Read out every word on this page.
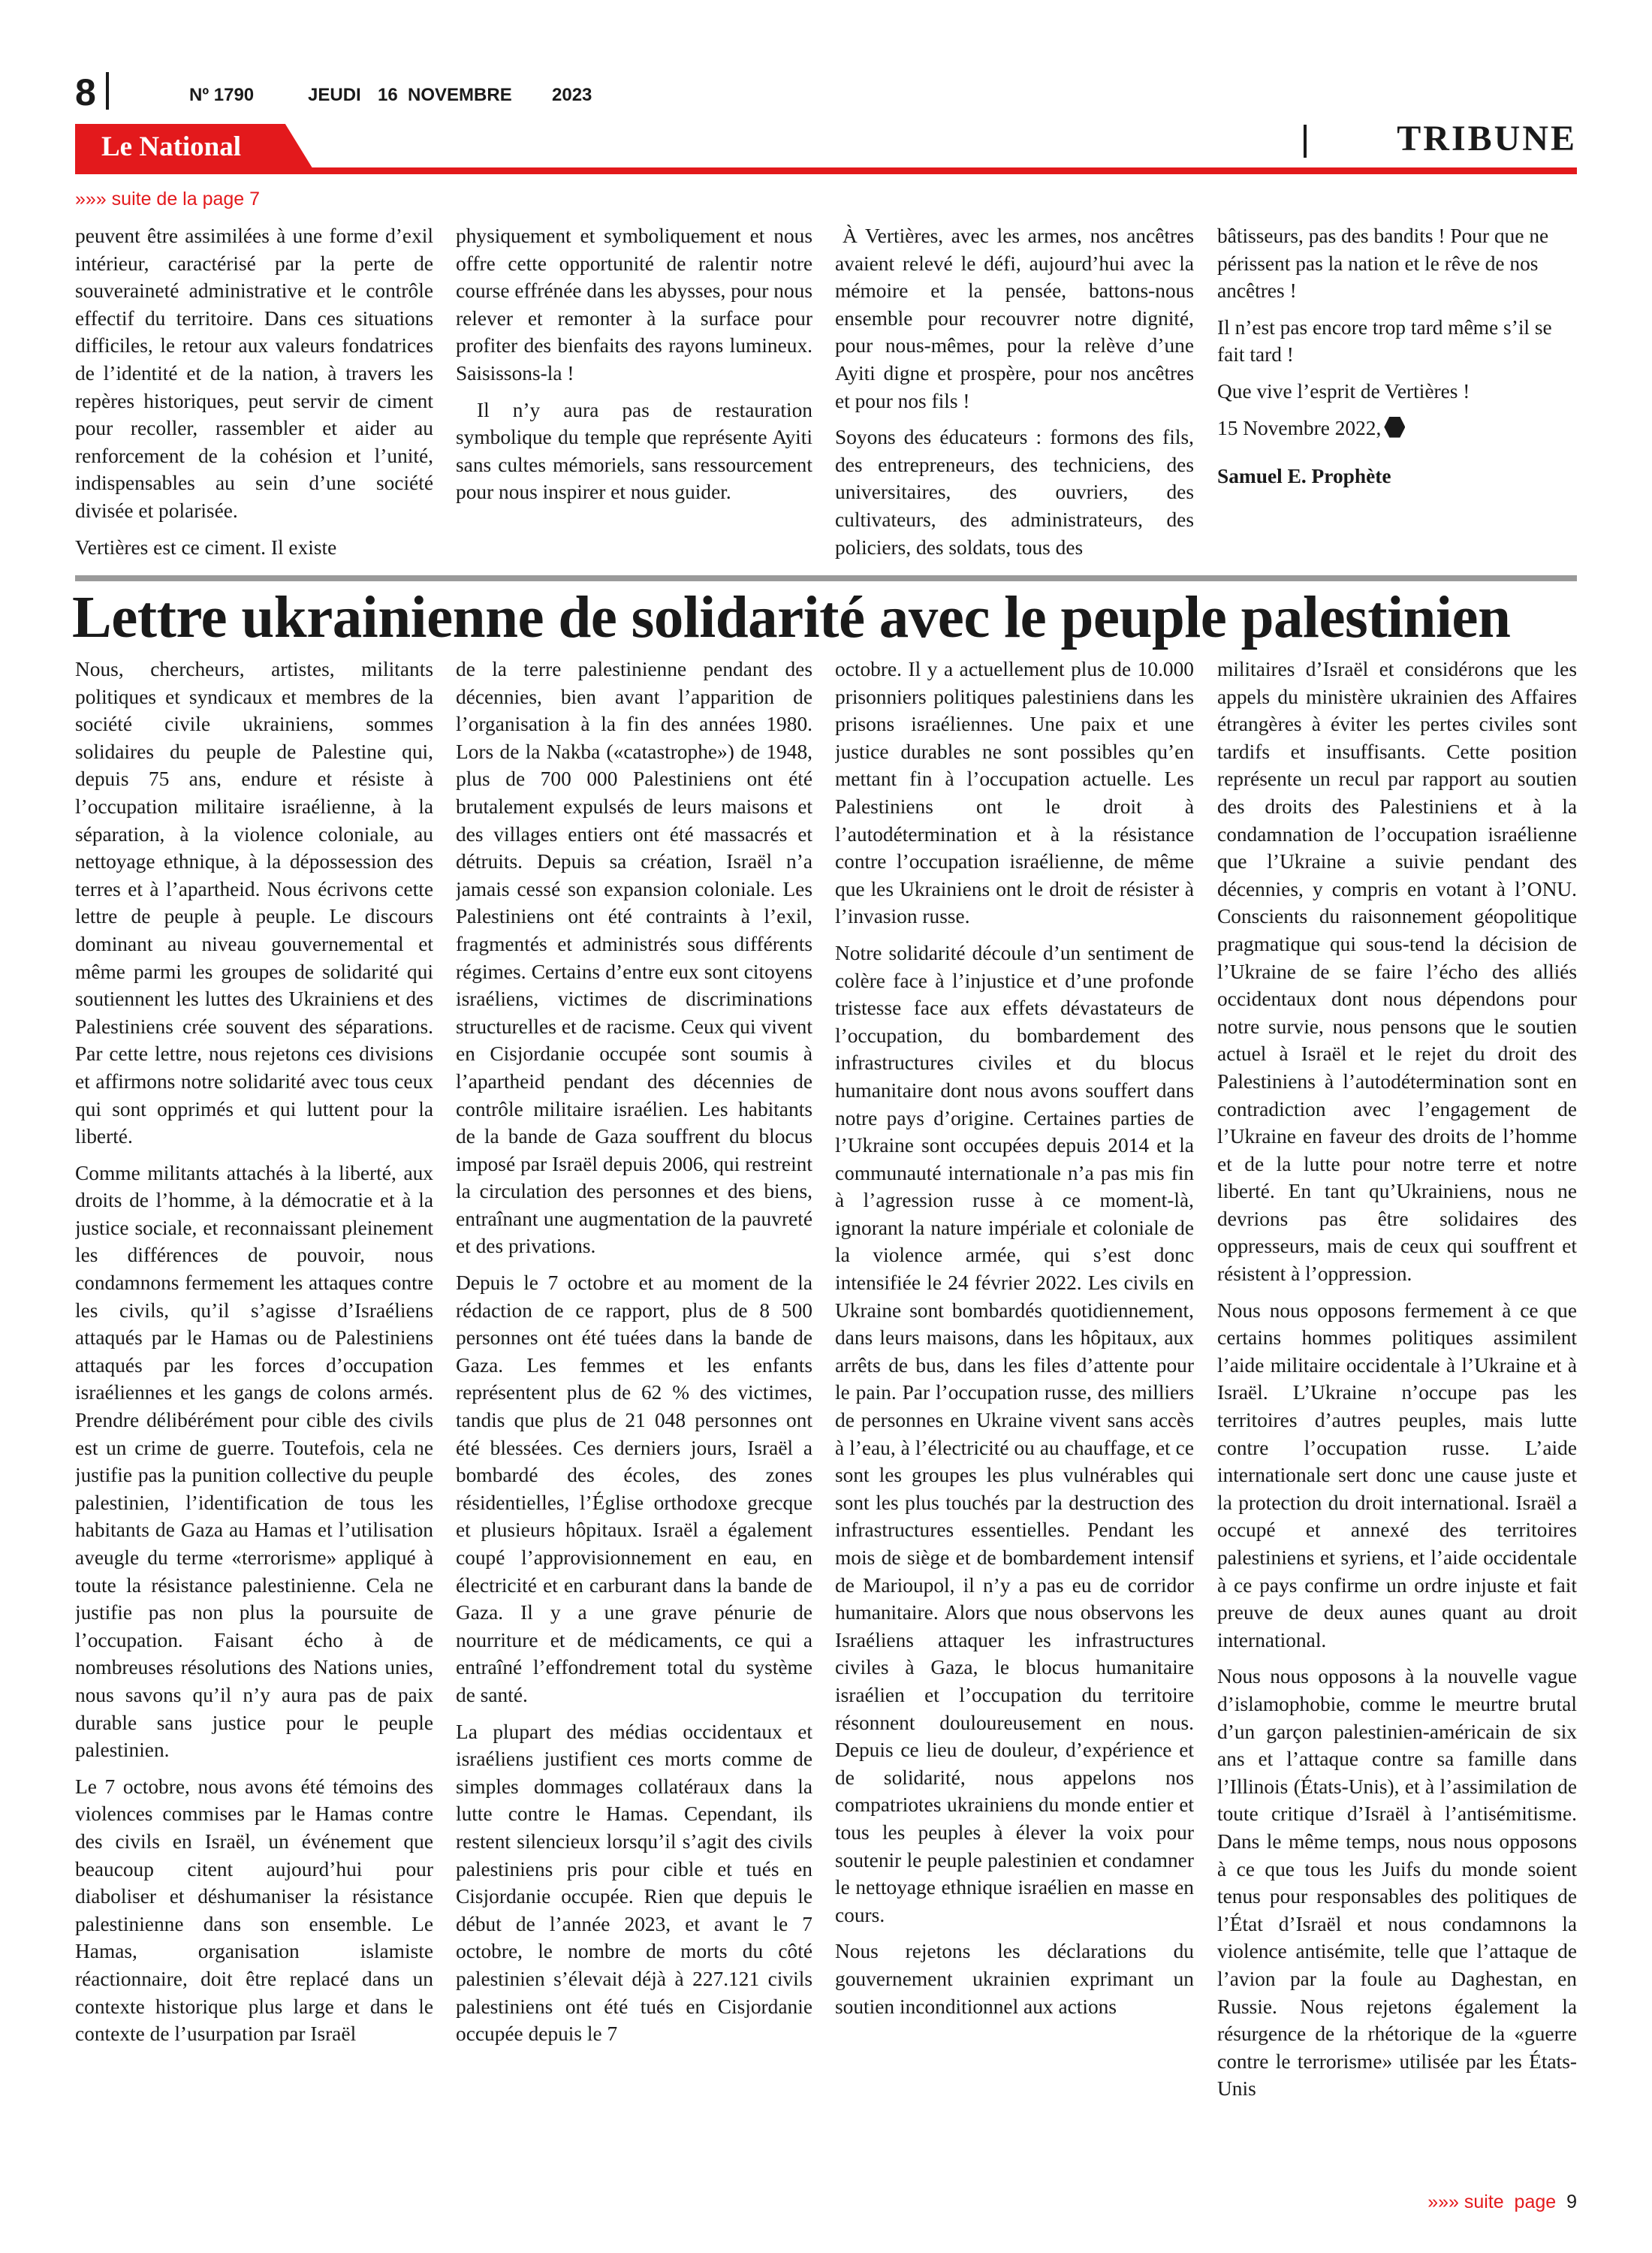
8	Nº 1790	JEUDI 16  NOVEMBRE 2023
Le National	TRIBUNE
»»» suite de la page 7

peuvent être assimilées à une forme d’exil intérieur, caractérisé par la perte de souveraineté administrative et le contrôle effectif du territoire. Dans ces situations difficiles, le retour aux valeurs fondatrices de l’identité et de la nation, à travers les repères historiques, peut servir de ciment pour recoller, rassembler et aider au renforcement de la cohésion et l’unité, indispensables au sein d’une société divisée et polarisée.

Vertières est ce ciment. Il existe

physiquement et symboliquement et nous offre cette opportunité de ralentir notre course effrénée dans les abysses, pour nous relever et remonter à la surface pour profiter des bienfaits des rayons lumineux. Saisissons-la !

Il n’y aura pas de restauration symbolique du temple que représente Ayiti sans cultes mémoriels, sans ressourcement pour nous inspirer et nous guider.

À Vertières, avec les armes, nos ancêtres avaient relevé le défi, aujourd’hui avec la mémoire et la pensée, battons-nous ensemble pour recouvrer notre dignité, pour nous-mêmes, pour la relève d’une Ayiti digne et prospère, pour nos ancêtres et pour nos fils !

Soyons des éducateurs : formons des fils, des entrepreneurs, des techniciens, des universitaires, des ouvriers, des cultivateurs, des administrateurs, des policiers, des soldats, tous des

bâtisseurs, pas des bandits ! Pour que ne périssent pas la nation et le rêve de nos ancêtres !

Il n’est pas encore trop tard même s’il se fait tard !

Que vive l’esprit de Vertières !

15 Novembre 2022,

Samuel E. Prophète

Lettre ukrainienne de solidarité avec le peuple palestinien

Nous, chercheurs, artistes, militants politiques et syndicaux et membres de la société civile ukrainiens, sommes solidaires du peuple de Palestine qui, depuis 75 ans, endure et résiste à l’occupation militaire israélienne, à la séparation, à la violence coloniale, au nettoyage ethnique, à la dépossession des terres et à l’apartheid. Nous écrivons cette lettre de peuple à peuple. Le discours dominant au niveau gouvernemental et même parmi les groupes de solidarité qui soutiennent les luttes des Ukrainiens et des Palestiniens crée souvent des séparations. Par cette lettre, nous rejetons ces divisions et affirmons notre solidarité avec tous ceux qui sont opprimés et qui luttent pour la liberté.

Comme militants attachés à la liberté, aux droits de l’homme, à la démocratie et à la justice sociale, et reconnaissant pleinement les différences de pouvoir, nous condamnons fermement les attaques contre les civils, qu’il s’agisse d’Israéliens attaqués par le Hamas ou de Palestiniens attaqués par les forces d’occupation israéliennes et les gangs de colons armés. Prendre délibérément pour cible des civils est un crime de guerre. Toutefois, cela ne justifie pas la punition collective du peuple palestinien, l’identification de tous les habitants de Gaza au Hamas et l’utilisation aveugle du terme «terrorisme» appliqué à toute la résistance palestinienne. Cela ne justifie pas non plus la poursuite de l’occupation. Faisant écho à de nombreuses résolutions des Nations unies, nous savons qu’il n’y aura pas de paix durable sans justice pour le peuple palestinien.

Le 7 octobre, nous avons été témoins des violences commises par le Hamas contre des civils en Israël, un événement que beaucoup citent aujourd’hui pour diaboliser et déshumaniser la résistance palestinienne dans son ensemble. Le Hamas, organisation islamiste réactionnaire, doit être replacé dans un contexte historique plus large et dans le contexte de l’usurpation par Israël

de la terre palestinienne pendant des décennies, bien avant l’apparition de l’organisation à la fin des années 1980. Lors de la Nakba («catastrophe») de 1948, plus de 700 000 Palestiniens ont été brutalement expulsés de leurs maisons et des villages entiers ont été massacrés et détruits. Depuis sa création, Israël n’a jamais cessé son expansion coloniale. Les Palestiniens ont été contraints à l’exil, fragmentés et administrés sous différents régimes. Certains d’entre eux sont citoyens israéliens, victimes de discriminations structurelles et de racisme. Ceux qui vivent en Cisjordanie occupée sont soumis à l’apartheid pendant des décennies de contrôle militaire israélien. Les habitants de la bande de Gaza souffrent du blocus imposé par Israël depuis 2006, qui restreint la circulation des personnes et des biens, entraînant une augmentation de la pauvreté et des privations.

Depuis le 7 octobre et au moment de la rédaction de ce rapport, plus de 8 500 personnes ont été tuées dans la bande de Gaza. Les femmes et les enfants représentent plus de 62 % des victimes, tandis que plus de 21 048 personnes ont été blessées. Ces derniers jours, Israël a bombardé des écoles, des zones résidentielles, l’Église orthodoxe grecque et plusieurs hôpitaux. Israël a également coupé l’approvisionnement en eau, en électricité et en carburant dans la bande de Gaza. Il y a une grave pénurie de nourriture et de médicaments, ce qui a entraîné l’effondrement total du système de santé.

La plupart des médias occidentaux et israéliens justifient ces morts comme de simples dommages collatéraux dans la lutte contre le Hamas. Cependant, ils restent silencieux lorsqu’il s’agit des civils palestiniens pris pour cible et tués en Cisjordanie occupée. Rien que depuis le début de l’année 2023, et avant le 7 octobre, le nombre de morts du côté palestinien s’élevait déjà à 227.121 civils palestiniens ont été tués en Cisjordanie occupée depuis le 7

octobre. Il y a actuellement plus de 10.000 prisonniers politiques palestiniens dans les prisons israéliennes. Une paix et une justice durables ne sont possibles qu’en mettant fin à l’occupation actuelle. Les Palestiniens ont le droit à l’autodétermination et à la résistance contre l’occupation israélienne, de même que les Ukrainiens ont le droit de résister à l’invasion russe.

Notre solidarité découle d’un sentiment de colère face à l’injustice et d’une profonde tristesse face aux effets dévastateurs de l’occupation, du bombardement des infrastructures civiles et du blocus humanitaire dont nous avons souffert dans notre pays d’origine. Certaines parties de l’Ukraine sont occupées depuis 2014 et la communauté internationale n’a pas mis fin à l’agression russe à ce moment-là, ignorant la nature impériale et coloniale de la violence armée, qui s’est donc intensifiée le 24 février 2022. Les civils en Ukraine sont bombardés quotidiennement, dans leurs maisons, dans les hôpitaux, aux arrêts de bus, dans les files d’attente pour le pain. Par l’occupation russe, des milliers de personnes en Ukraine vivent sans accès à l’eau, à l’électricité ou au chauffage, et ce sont les groupes les plus vulnérables qui sont les plus touchés par la destruction des infrastructures essentielles. Pendant les mois de siège et de bombardement intensif de Marioupol, il n’y a pas eu de corridor humanitaire. Alors que nous observons les Israéliens attaquer les infrastructures civiles à Gaza, le blocus humanitaire israélien et l’occupation du territoire résonnent douloureusement en nous. Depuis ce lieu de douleur, d’expérience et de solidarité, nous appelons nos compatriotes ukrainiens du monde entier et tous les peuples à élever la voix pour soutenir le peuple palestinien et condamner le nettoyage ethnique israélien en masse en cours.

Nous rejetons les déclarations du gouvernement ukrainien exprimant un soutien inconditionnel aux actions

militaires d’Israël et considérons que les appels du ministère ukrainien des Affaires étrangères à éviter les pertes civiles sont tardifs et insuffisants. Cette position représente un recul par rapport au soutien des droits des Palestiniens et à la condamnation de l’occupation israélienne que l’Ukraine a suivie pendant des décennies, y compris en votant à l’ONU. Conscients du raisonnement géopolitique pragmatique qui sous-tend la décision de l’Ukraine de se faire l’écho des alliés occidentaux dont nous dépendons pour notre survie, nous pensons que le soutien actuel à Israël et le rejet du droit des Palestiniens à l’autodétermination sont en contradiction avec l’engagement de l’Ukraine en faveur des droits de l’homme et de la lutte pour notre terre et notre liberté. En tant qu’Ukrainiens, nous ne devrions pas être solidaires des oppresseurs, mais de ceux qui souffrent et résistent à l’oppression.

Nous nous opposons fermement à ce que certains hommes politiques assimilent l’aide militaire occidentale à l’Ukraine et à Israël. L’Ukraine n’occupe pas les territoires d’autres peuples, mais lutte contre l’occupation russe. L’aide internationale sert donc une cause juste et la protection du droit international. Israël a occupé et annexé des territoires palestiniens et syriens, et l’aide occidentale à ce pays confirme un ordre injuste et fait preuve de deux aunes quant au droit international.

Nous nous opposons à la nouvelle vague d’islamophobie, comme le meurtre brutal d’un garçon palestinien-américain de six ans et l’attaque contre sa famille dans l’Illinois (États-Unis), et à l’assimilation de toute critique d’Israël à l’antisémitisme. Dans le même temps, nous nous opposons à ce que tous les Juifs du monde soient tenus pour responsables des politiques de l’État d’Israël et nous condamnons la violence antisémite, telle que l’attaque de l’avion par la foule au Daghestan, en Russie. Nous rejetons également la résurgence de la rhétorique de la «guerre contre le terrorisme» utilisée par les États-Unis

»»» suite  page 9
